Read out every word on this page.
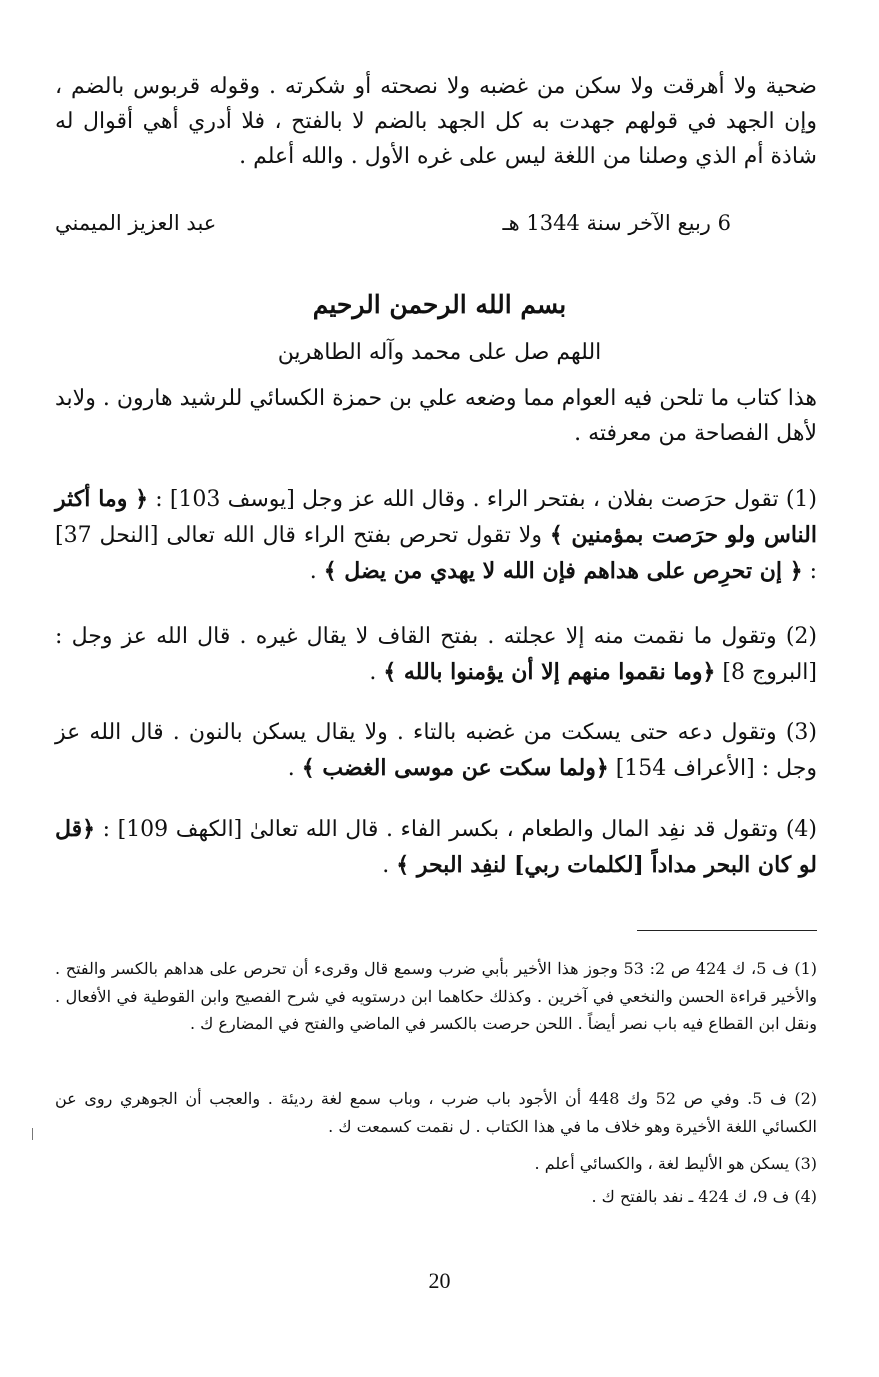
ضحية ولا أهرقت ولا سكن من غضبه ولا نصحته أو شكرته . وقوله قربوس بالضم ، وإن الجهد في قولهم جهدت به كل الجهد بالضم لا بالفتح ، فلا أدري أهي أقوال له شاذة أم الذي وصلنا من اللغة ليس على غره الأول . والله أعلم .
6 ربيع الآخر سنة 1344 هـ
عبد العزيز الميمني
بسم الله الرحمن الرحيم
اللهم صل على محمد وآله الطاهرين
هذا كتاب ما تلحن فيه العوام مما وضعه علي بن حمزة الكسائي للرشيد هارون . ولابد لأهل الفصاحة من معرفته .
(1) تقول حرَصت بفلان ، بفتحر الراء . وقال الله عز وجل [يوسف 103] : ﴿ وما أكثر الناس ولو حرَصت بمؤمنين ﴾ ولا تقول تحرص بفتح الراء قال الله تعالى [النحل 37] : ﴿ إن تحرِص على هداهم فإن الله لا يهدي من يضل ﴾ .
(2) وتقول ما نقمت منه إلا عجلته . بفتح القاف لا يقال غيره . قال الله عز وجل : [البروج 8] ﴿وما نقموا منهم إلا أن يؤمنوا بالله ﴾ .
(3) وتقول دعه حتى يسكت من غضبه بالتاء . ولا يقال يسكن بالنون . قال الله عز وجل : [الأعراف 154] ﴿ولما سكت عن موسى الغضب ﴾ .
(4) وتقول قد نفِد المال والطعام ، بكسر الفاء . قال الله تعالىٰ [الكهف 109] : ﴿قل لو كان البحر مداداً [لكلمات ربي] لنفِد البحر ﴾ .
(1) ف 5، ك 424 ص 2: 53 وجوز هذا الأخير بأبي ضرب وسمع قال وقرىء أن تحرص على هداهم بالكسر والفتح . والأخير قراءة الحسن والنخعي في آخرين . وكذلك حكاهما ابن درستويه في شرح الفصيح وابن القوطية في الأفعال . ونقل ابن القطاع فيه باب نصر أيضاً . اللحن حرصت بالكسر في الماضي والفتح في المضارع ك .
(2) ف 5. وفي ص 52 وك 448 أن الأجود باب ضرب ، وباب سمع لغة رديئة . والعجب أن الجوهري روى عن الكسائي اللغة الأخيرة وهو خلاف ما في هذا الكتاب . ل نقمت كسمعت ك .
(3) يسكن هو الأليط لغة ، والكسائي أعلم .
(4) ف 9، ك 424 ـ نفد بالفتح ك .
20
